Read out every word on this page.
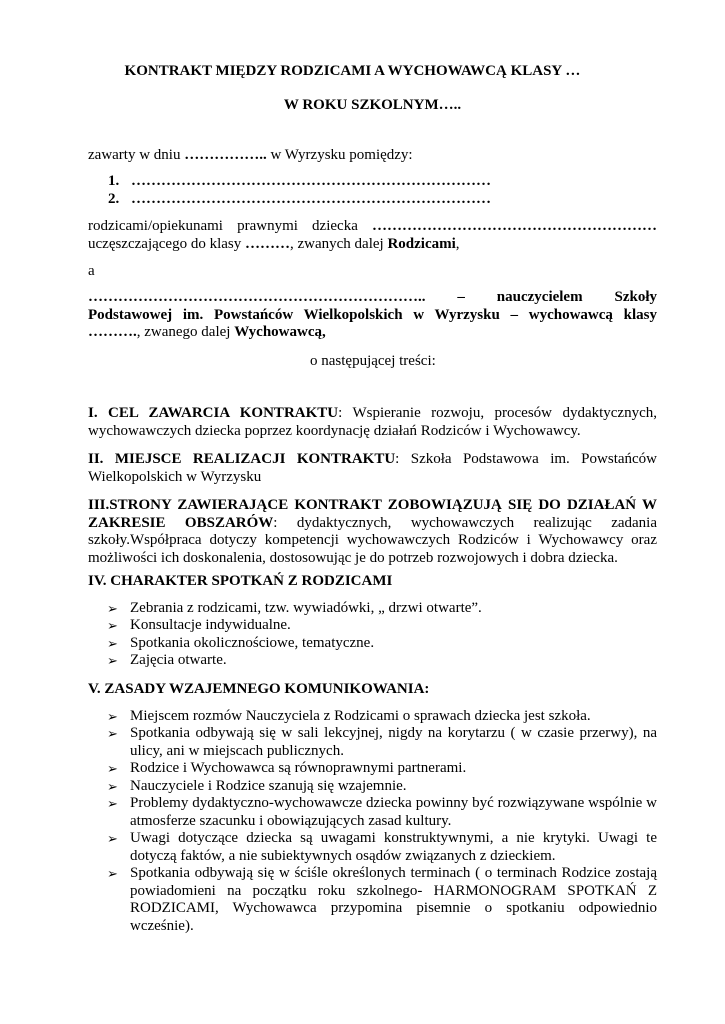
KONTRAKT MIĘDZY RODZICAMI A WYCHOWAWCĄ KLASY …
W ROKU SZKOLNYM…..
zawarty w dniu …………….. w Wyrzysku pomiędzy:
1. ………………………………………………………………
2. ………………………………………………………………
rodzicami/opiekunami prawnymi dziecka …………………………………………………
uczęszczającego do klasy ………, zwanych dalej Rodzicami,
a
………………………………………………………….. – nauczycielem Szkoły Podstawowej im. Powstańców Wielkopolskich w Wyrzysku – wychowawcą klasy ………., zwanego dalej Wychowawcą,
o następującej treści:
I. CEL ZAWARCIA KONTRAKTU: Wspieranie rozwoju, procesów dydaktycznych, wychowawczych dziecka poprzez koordynację działań Rodziców i Wychowawcy.
II. MIEJSCE REALIZACJI KONTRAKTU: Szkoła Podstawowa im. Powstańców Wielkopolskich w Wyrzysku
III.STRONY ZAWIERAJĄCE KONTRAKT ZOBOWIĄZUJĄ SIĘ DO DZIAŁAŃ W ZAKRESIE OBSZARÓW: dydaktycznych, wychowawczych realizując zadania szkoły.Współpraca dotyczy kompetencji wychowawczych Rodziców i Wychowawcy oraz możliwości ich doskonalenia, dostosowując je do potrzeb rozwojowych i dobra dziecka.
IV. CHARAKTER SPOTKAŃ Z RODZICAMI
➢ Zebrania z rodzicami, tzw. wywiadówki, „ drzwi otwarte”.
➢ Konsultacje indywidualne.
➢ Spotkania okolicznościowe, tematyczne.
➢ Zajęcia otwarte.
V. ZASADY WZAJEMNEGO KOMUNIKOWANIA:
➢ Miejscem rozmów Nauczyciela z Rodzicami o sprawach dziecka jest szkoła.
➢ Spotkania odbywają się w sali lekcyjnej, nigdy na korytarzu ( w czasie przerwy), na ulicy, ani w miejscach publicznych.
➢ Rodzice i Wychowawca są równoprawnymi partnerami.
➢ Nauczyciele i Rodzice szanują się wzajemnie.
➢ Problemy dydaktyczno-wychowawcze dziecka powinny być rozwiązywane wspólnie w atmosferze szacunku i obowiązujących zasad kultury.
➢ Uwagi dotyczące dziecka są uwagami konstruktywnymi, a nie krytyki. Uwagi te dotyczą faktów, a nie subiektywnych osądów związanych z dzieckiem.
➢ Spotkania odbywają się w ściśle określonych terminach ( o terminach Rodzice zostają powiadomieni na początku roku szkolnego- HARMONOGRAM SPOTKAŃ Z RODZICAMI, Wychowawca przypomina pisemnie o spotkaniu odpowiednio wcześnie).
